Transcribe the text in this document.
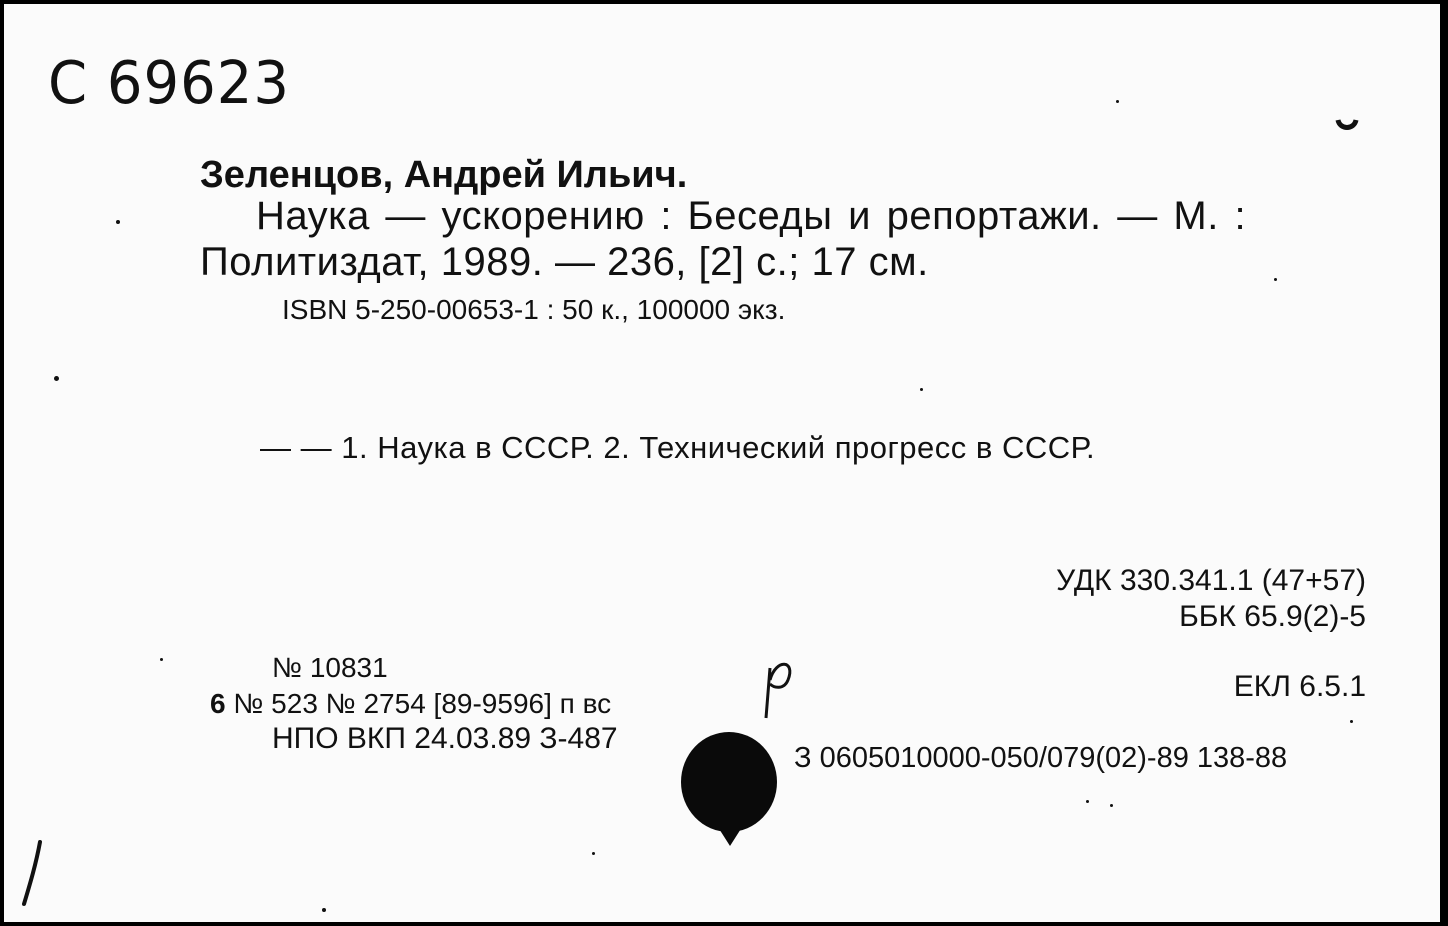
С 69623
Зеленцов, Андрей Ильич.
Наука — ускорению : Беседы и репортажи. — М. :
Политиздат, 1989. — 236, [2] с.; 17 см.
ISBN 5-250-00653-1 : 50 к., 100000 экз.
— — 1. Наука в СССР. 2. Технический прогресс в СССР.
УДК 330.341.1 (47+57)
ББК 65.9(2)-5
ЕКЛ 6.5.1
№ 10831
6 № 523 № 2754 [89-9596] п вс
НПО ВКП 24.03.89 З-487
З 0605010000-050/079(02)-89 138-88
